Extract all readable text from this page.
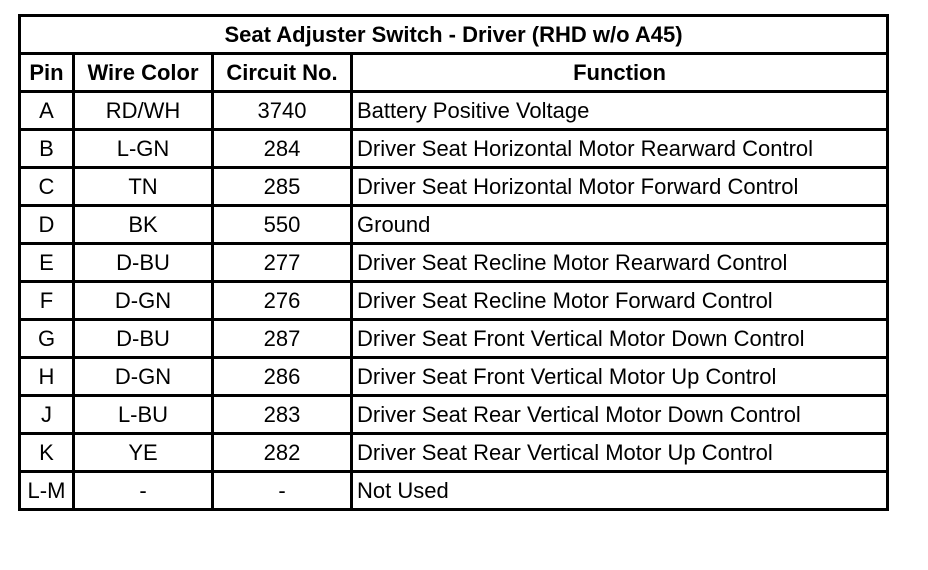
Seat Adjuster Switch - Driver (RHD w/o A45)			
Pin	Wire Color	Circuit No.	Function
A	RD/WH	3740	Battery Positive Voltage
B	L-GN	284	Driver Seat Horizontal Motor Rearward Control
C	TN	285	Driver Seat Horizontal Motor Forward Control
D	BK	550	Ground
E	D-BU	277	Driver Seat Recline Motor Rearward Control
F	D-GN	276	Driver Seat Recline Motor Forward Control
G	D-BU	287	Driver Seat Front Vertical Motor Down Control
H	D-GN	286	Driver Seat Front Vertical Motor Up Control
J	L-BU	283	Driver Seat Rear Vertical Motor Down Control
K	YE	282	Driver Seat Rear Vertical Motor Up Control
L-M	-	-	Not Used
